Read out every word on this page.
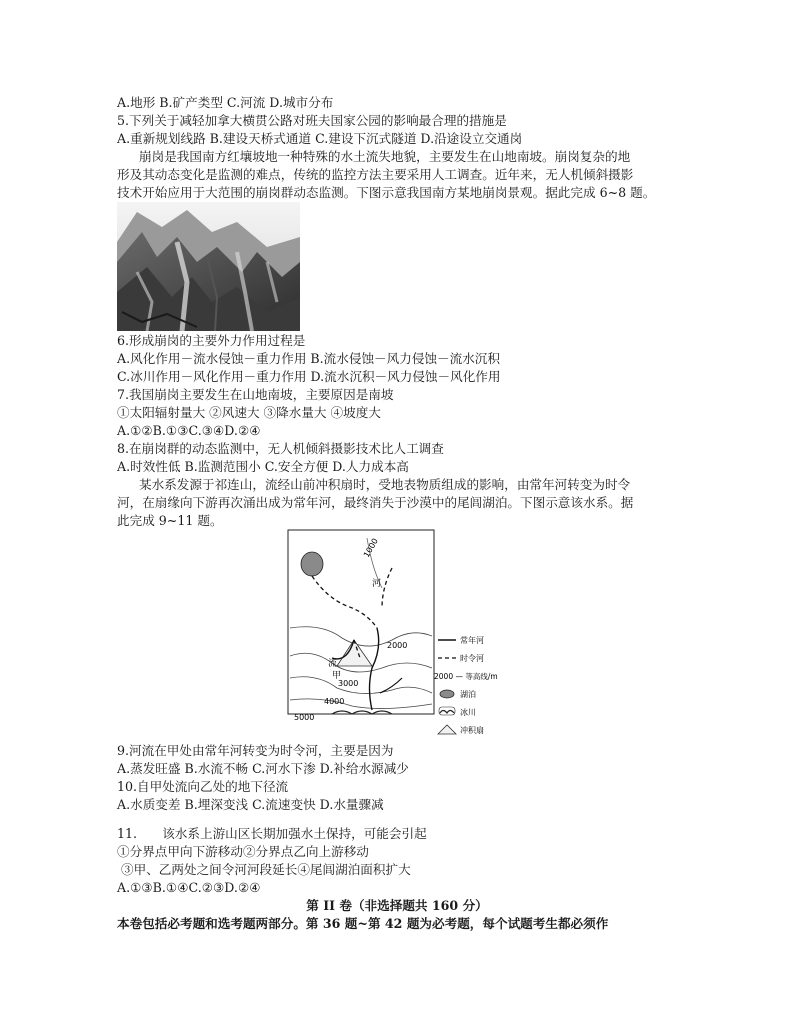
A.地形 B.矿产类型 C.河流 D.城市分布
5.下列关于减轻加拿大横贯公路对班夫国家公园的影响最合理的措施是
A.重新规划线路 B.建设天桥式通道 C.建设下沉式隧道 D.沿途设立交通岗
崩岗是我国南方红壤坡地一种特殊的水土流失地貌，主要发生在山地南坡。崩岗复杂的地
形及其动态变化是监测的难点，传统的监控方法主要采用人工调查。近年来，无人机倾斜摄影
技术开始应用于大范围的崩岗群动态监测。下图示意我国南方某地崩岗景观。据此完成 6~8 题。
6.形成崩岗的主要外力作用过程是
A.风化作用－流水侵蚀－重力作用 B.流水侵蚀－风力侵蚀－流水沉积
C.冰川作用－风化作用－重力作用 D.流水沉积－风力侵蚀－风化作用
7.我国崩岗主要发生在山地南坡，主要原因是南坡
①太阳辐射量大 ②风速大 ③降水量大 ④坡度大
A.①②B.①③C.③④D.②④
8.在崩岗群的动态监测中，无人机倾斜摄影技术比人工调查
A.时效性低 B.监测范围小 C.安全方便 D.人力成本高
某水系发源于祁连山，流经山前冲积扇时，受地表物质组成的影响，由常年河转变为时令
河，在扇缘向下游再次涌出成为常年河，最终消失于沙漠中的尾闾湖泊。下图示意该水系。据
此完成 9~11 题。
1000
2000
3000
4000
5000
河
流
甲
常年河
时令河
2000 — 等高线/m
湖泊
冰川
冲积扇
9.河流在甲处由常年河转变为时令河，主要是因为
A.蒸发旺盛 B.水流不畅 C.河水下渗 D.补给水源减少
10.自甲处流向乙处的地下径流
A.水质变差 B.埋深变浅 C.流速变快 D.水量骤减
11.　　该水系上游山区长期加强水土保持，可能会引起
①分界点甲向下游移动②分界点乙向上游移动
③甲、乙两处之间令河河段延长④尾闾湖泊面积扩大
A.①③B.①④C.②③D.②④
第 II 卷（非选择题共 160 分）
本卷包括必考题和选考题两部分。第 36 题~第 42 题为必考题，每个试题考生都必须作
